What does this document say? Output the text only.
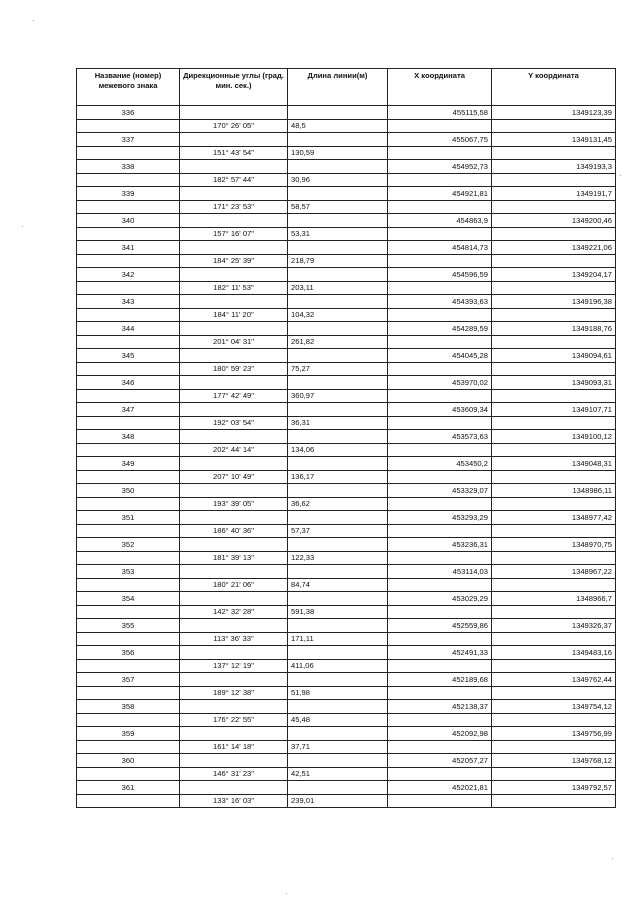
Название (номер) межевого знака	Дирекционные углы (град. мин. сек.)	Длина линии(м)	X координата	Y координата
336			455115,58	1349123,39
	170° 26' 05"	48,5		
337			455067,75	1349131,45
	151° 43' 54"	130,59		
338			454952,73	1349193,3
	182° 57' 44"	30,96		
339			454921,81	1349191,7
	171° 23' 53"	58,57		
340			454863,9	1349200,46
	157° 16' 07"	53,31		
341			454814,73	1349221,06
	184° 25' 39"	218,79		
342			454596,59	1349204,17
	182° 11' 53"	203,11		
343			454393,63	1349196,38
	184° 11' 20"	104,32		
344			454289,59	1349188,76
	201° 04' 31"	261,82		
345			454045,28	1349094,61
	180° 59' 23"	75,27		
346			453970,02	1349093,31
	177° 42' 49"	360,97		
347			453609,34	1349107,71
	192° 03' 54"	36,31		
348			453573,63	1349100,12
	202° 44' 14"	134,06		
349			453450,2	1349048,31
	207° 10' 49"	136,17		
350			453329,07	1348986,11
	193° 39' 05"	36,62		
351			453293,29	1348977,42
	186° 40' 36"	57,37		
352			453236,31	1348970,75
	181° 39' 13"	122,33		
353			453114,03	1348967,22
	180° 21' 06"	84,74		
354			453029,29	1348966,7
	142° 32' 28"	591,38		
355			452559,86	1349326,37
	113° 36' 33"	171,11		
356			452491,33	1349483,16
	137° 12' 19"	411,06		
357			452189,68	1349762,44
	189° 12' 38"	51,98		
358			452138,37	1349754,12
	176° 22' 55"	45,48		
359			452092,98	1349756,99
	161° 14' 18"	37,71		
360			452057,27	1349768,12
	146° 31' 23"	42,51		
361			452021,81	1349792,57
	133° 16' 03"	239,01		
